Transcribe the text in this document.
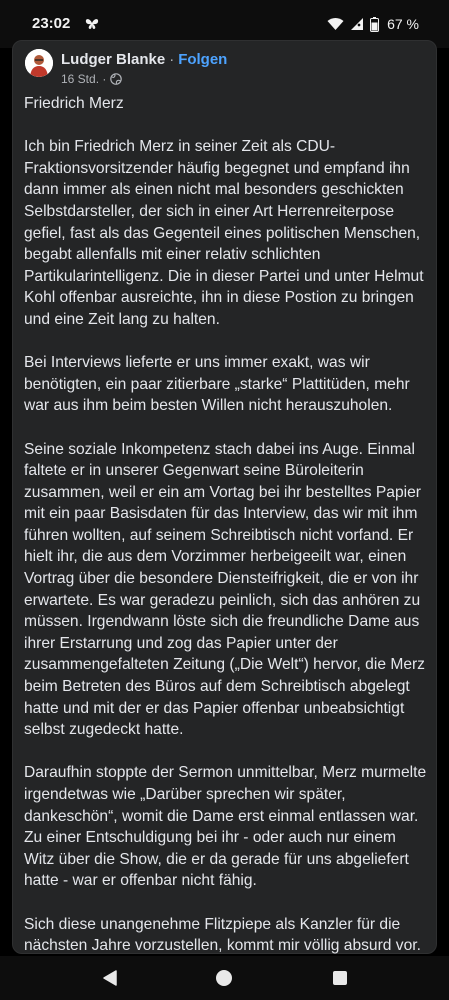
23:02	67 %
Ludger Blanke · Folgen
16 Std. ·

Friedrich Merz

Ich bin Friedrich Merz in seiner Zeit als CDU-Fraktionsvorsitzender häufig begegnet und empfand ihn dann immer als einen nicht mal besonders geschickten Selbstdarsteller, der sich in einer Art Herrenreiterpose gefiel, fast als das Gegenteil eines politischen Menschen, begabt allenfalls mit einer relativ schlichten Partikularintelligenz. Die in dieser Partei und unter Helmut Kohl offenbar ausreichte, ihn in diese Postion zu bringen und eine Zeit lang zu halten.

Bei Interviews lieferte er uns immer exakt, was wir benötigten, ein paar zitierbare „starke“ Plattitüden, mehr war aus ihm beim besten Willen nicht herauszuholen.

Seine soziale Inkompetenz stach dabei ins Auge. Einmal faltete er in unserer Gegenwart seine Büroleiterin zusammen, weil er ein am Vortag bei ihr bestelltes Papier mit ein paar Basisdaten für das Interview, das wir mit ihm führen wollten, auf seinem Schreibtisch nicht vorfand. Er hielt ihr, die aus dem Vorzimmer herbeigeeilt war, einen Vortrag über die besondere Diensteifrigkeit, die er von ihr erwartete. Es war geradezu peinlich, sich das anhören zu müssen. Irgendwann löste sich die freundliche Dame aus ihrer Erstarrung und zog das Papier unter der zusammengefalteten Zeitung („Die Welt“) hervor, die Merz beim Betreten des Büros auf dem Schreibtisch abgelegt hatte und mit der er das Papier offenbar unbeabsichtigt selbst zugedeckt hatte.

Daraufhin stoppte der Sermon unmittelbar, Merz murmelte irgendetwas wie „Darüber sprechen wir später, dankeschön“, womit die Dame erst einmal entlassen war. Zu einer Entschuldigung bei ihr - oder auch nur einem Witz über die Show, die er da gerade für uns abgeliefert hatte - war er offenbar nicht fähig.

Sich diese unangenehme Flitzpiepe als Kanzler für die nächsten Jahre vorzustellen, kommt mir völlig absurd vor.
